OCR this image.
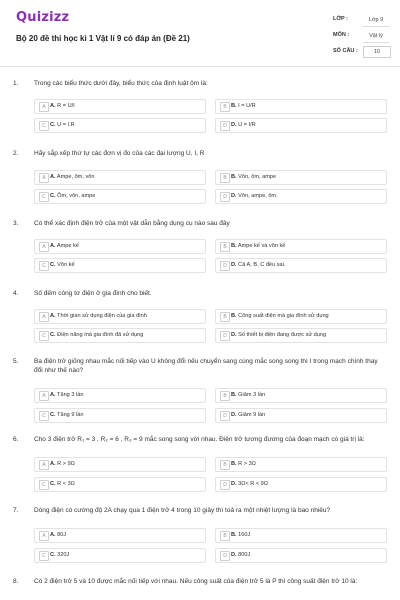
Quizizz
Bộ 20 đề thi học kì 1 Vật lí 9 có đáp án (Đề 21)
LỚP :	Lớp 9
MÔN :	Vật lý
SỐ CÂU :	10
1. Trong các biểu thức dưới đây, biểu thức của định luật ôm là:
A A. R = U/I	B B. I = U/R
C C. U = I.R	D D. U = I/R
2. Hãy sắp xếp thứ tự các đơn vị đo của các đại lượng U, I, R
A A. Ampe, ôm, vôn	B B. Vôn, ôm, ampe
C C. Ôm, vôn, ampe	D D. Vôn, ampe, ôm.
3. Có thể xác định điện trở của một vật dẫn bằng dụng cụ nào sau đây
A A. Ampe kế	B B. Ampe kế và vôn kế
C C. Vôn kế	D D. Cả A, B, C đều sai.
4. Số đếm công tơ điện ở gia đình cho biết.
A A. Thời gian sử dụng điện của gia đình	B B. Công suất điện mà gia đình sử dụng
C C. Điện năng mà gia đình đã sử dụng	D D. Số thiết bị điện đang được sử dụng
5. Ba điện trở giống nhau mắc nối tiếp vào U không đổi nếu chuyển sang cùng mắc song song thì I trong mạch chính thay đổi như thế nào?
A A. Tăng 3 lần	B B. Giảm 3 lần
C C. Tăng 9 lần	D D. Giảm 9 lần
6. Cho 3 điện trở R₁ = 3 , R₂ = 6 , R₃ = 9 mắc song song với nhau. Điện trở tương đương của đoạn mạch có giá trị là:
A A. R > 9Ω	B B. R > 3Ω
C C. R < 3Ω	D D. 3Ω< R < 9Ω
7. Dòng điện có cường độ 2A chạy qua 1 điện trở 4 trong 10 giây thì toả ra một nhiệt lượng là bao nhiêu?
A A. 80J	B B. 160J
C C. 320J	D D. 800J
8. Có 2 điện trở 5 và 10 được mắc nối tiếp với nhau. Nếu công suất của điện trở 5 là P thì công suất điện trở 10 là:
